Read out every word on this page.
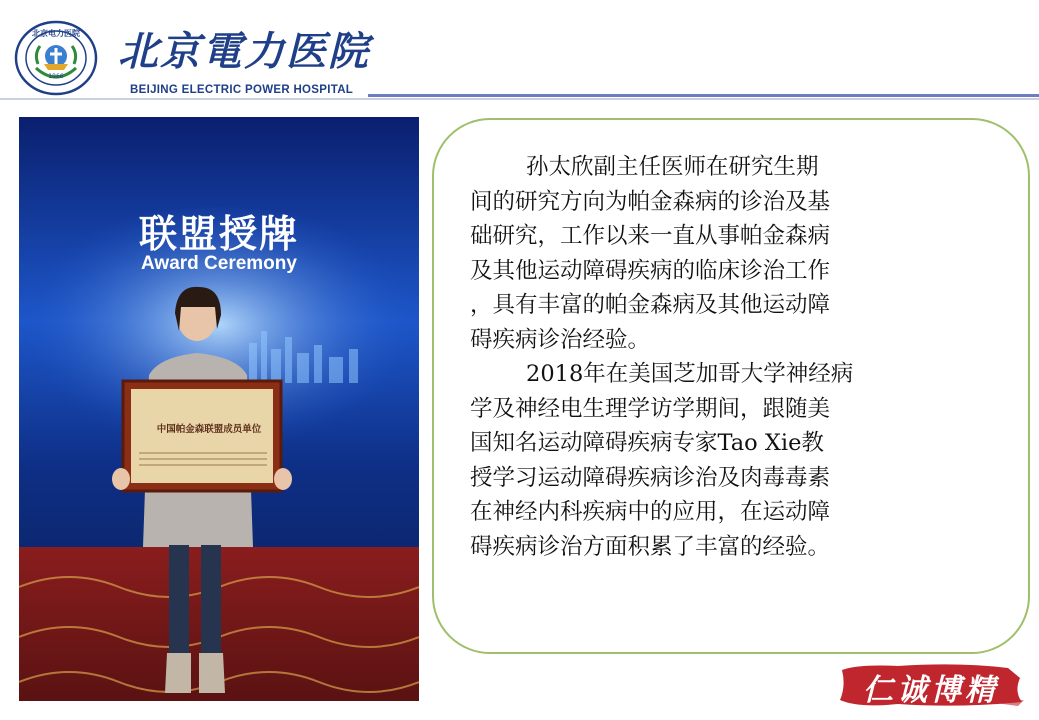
北京电力医院
1966
北京電力医院
BEIJING ELECTRIC POWER HOSPITAL
联盟授牌
Award Ceremony
中国帕金森联盟成员单位
孙太欣副主任医师在研究生期
间的研究方向为帕金森病的诊治及基
础研究，工作以来一直从事帕金森病
及其他运动障碍疾病的临床诊治工作
，具有丰富的帕金森病及其他运动障
碍疾病诊治经验。
2018年在美国芝加哥大学神经病
学及神经电生理学访学期间，跟随美
国知名运动障碍疾病专家Tao Xie教
授学习运动障碍疾病诊治及肉毒毒素
在神经内科疾病中的应用，在运动障
碍疾病诊治方面积累了丰富的经验。
仁诚博精
